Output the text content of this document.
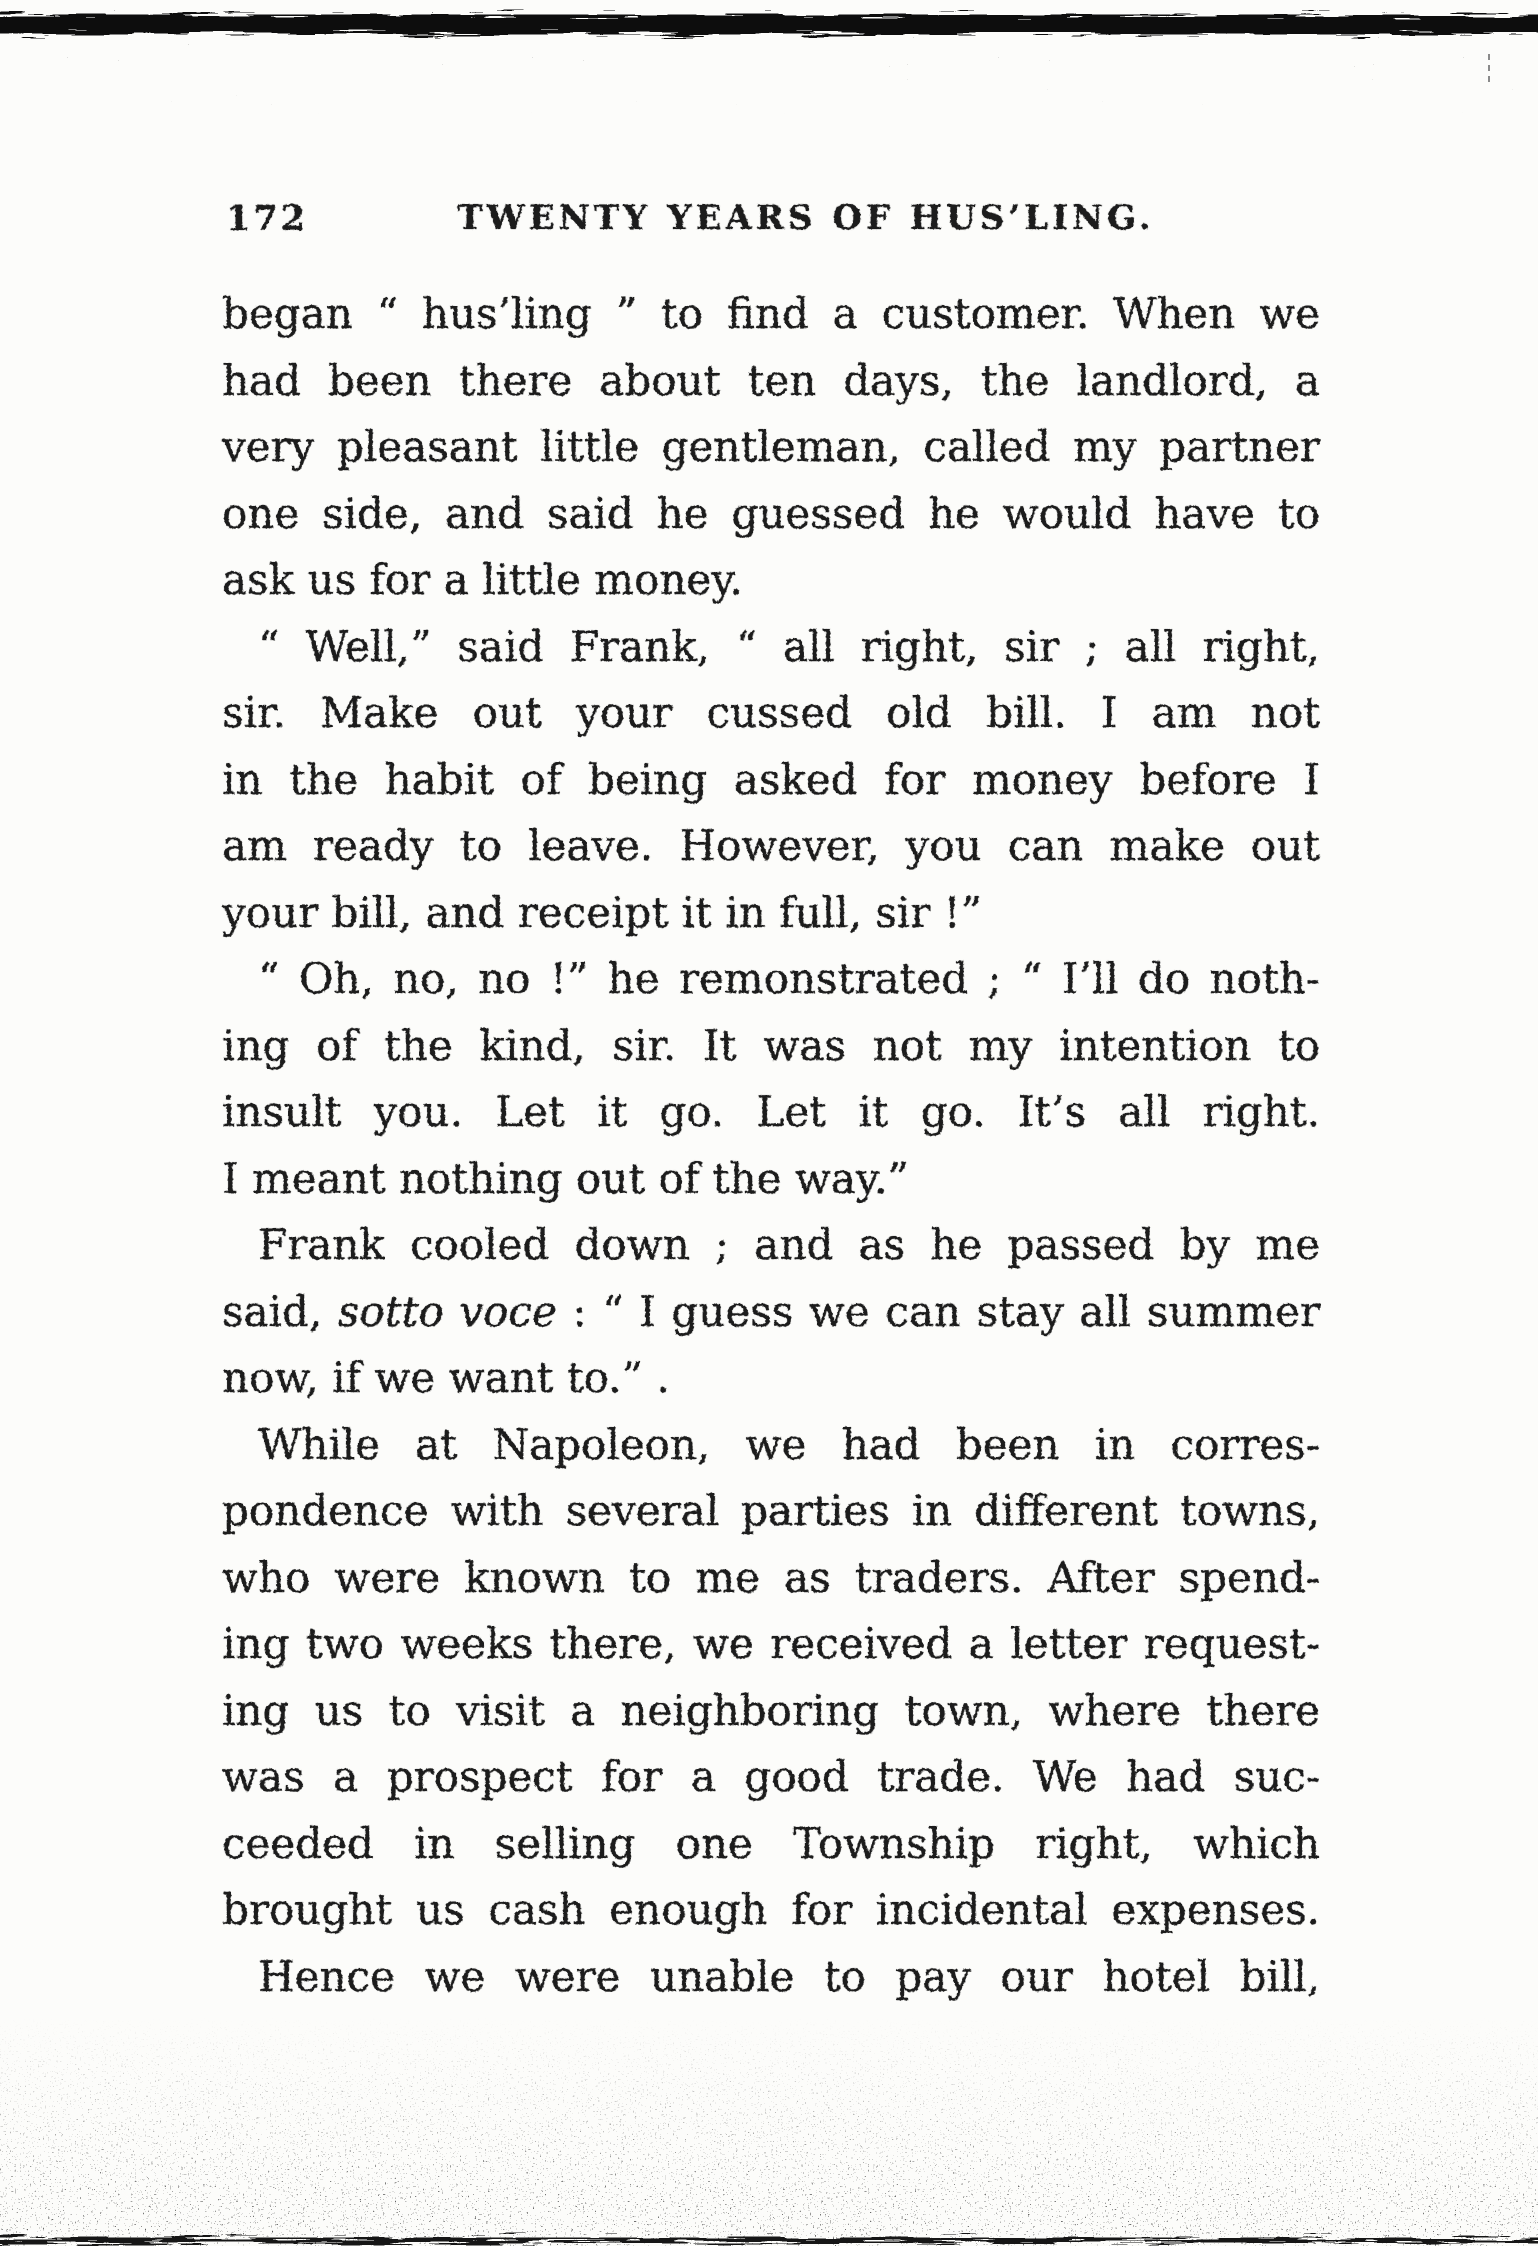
172	TWENTY YEARS OF HUS’LING.
began “ hus’ling ” to find a customer. When we
had been there about ten days, the landlord, a
very pleasant little gentleman, called my partner
one side, and said he guessed he would have to
ask us for a little money.
“ Well,” said Frank, “ all right, sir ; all right,
sir. Make out your cussed old bill. I am not
in the habit of being asked for money before I
am ready to leave. However, you can make out
your bill, and receipt it in full, sir !”
“ Oh, no, no !” he remonstrated ; “ I’ll do noth-
ing of the kind, sir. It was not my intention to
insult you. Let it go. Let it go. It’s all right.
I meant nothing out of the way.”
Frank cooled down ; and as he passed by me
said, sotto voce : “ I guess we can stay all summer
now, if we want to.” .
While at Napoleon, we had been in corres-
pondence with several parties in different towns,
who were known to me as traders. After spend-
ing two weeks there, we received a letter request-
ing us to visit a neighboring town, where there
was a prospect for a good trade. We had suc-
ceeded in selling one Township right, which
brought us cash enough for incidental expenses.
Hence we were unable to pay our hotel bill,
